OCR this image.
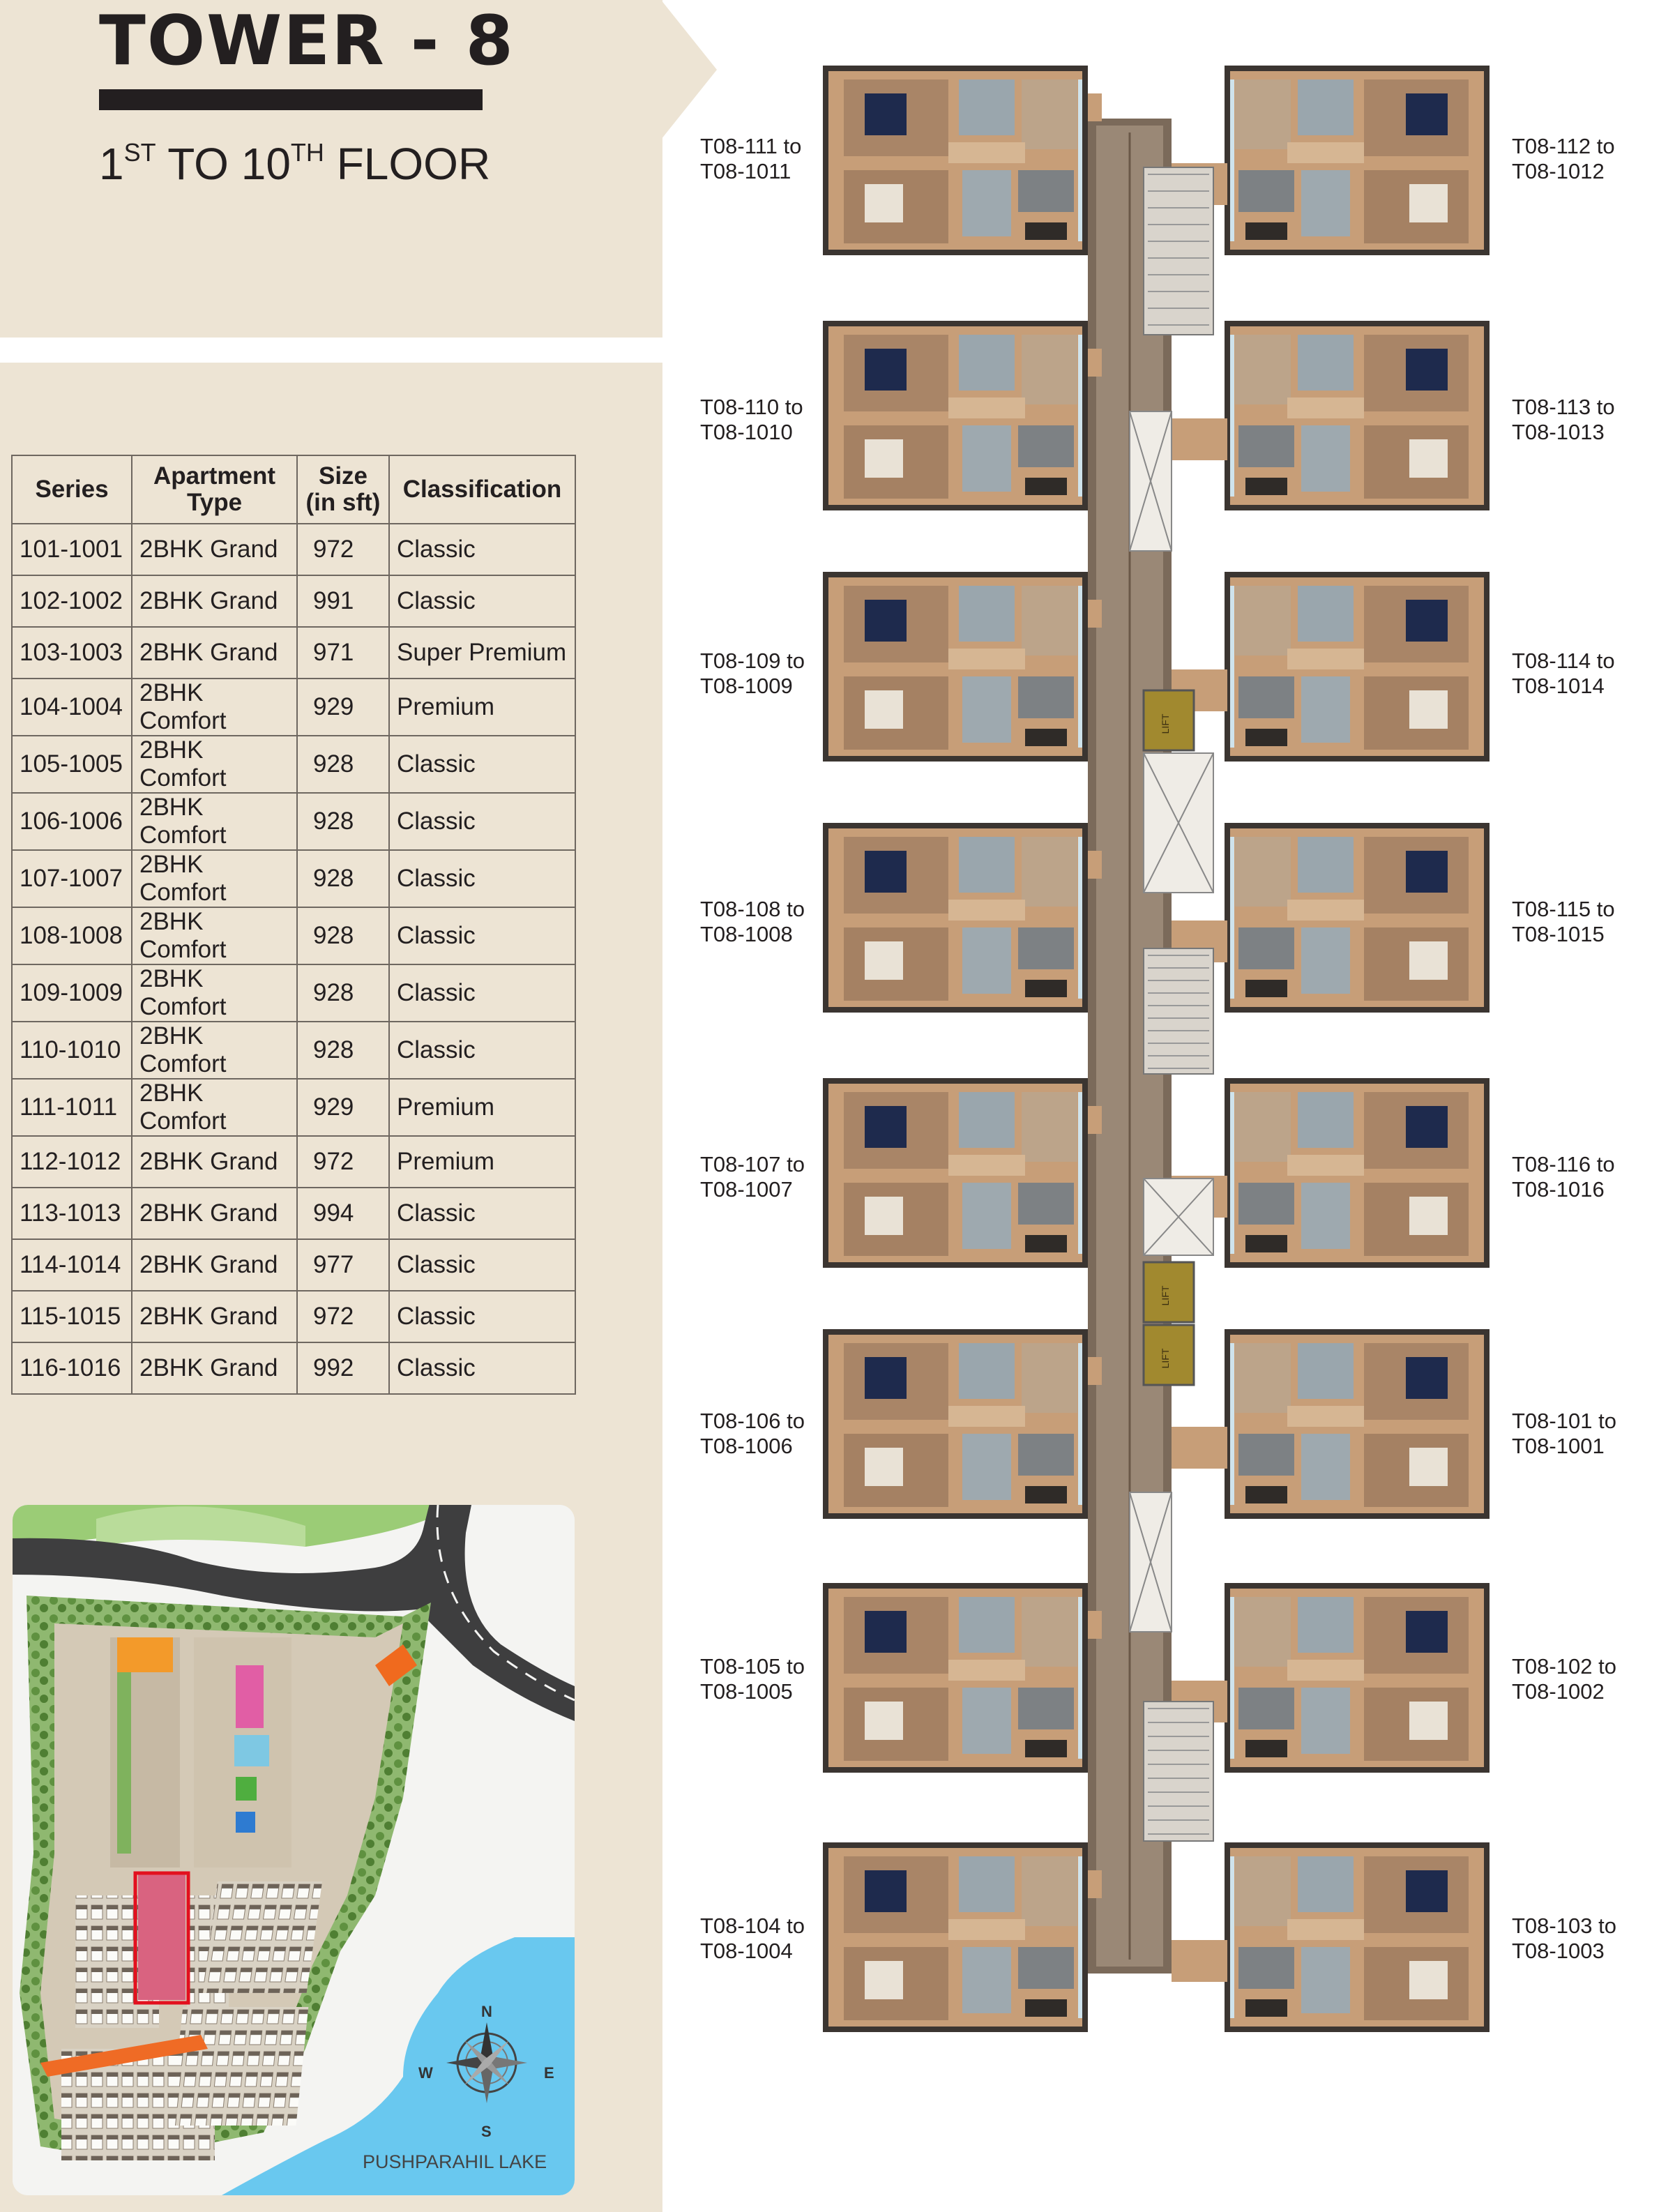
TOWER - 8
1ST TO 10TH FLOOR
Series	Apartment Type	Size (in sft)	Classification
101-1001	2BHK Grand	972	Classic
102-1002	2BHK Grand	991	Classic
103-1003	2BHK Grand	971	Super Premium
104-1004	2BHK Comfort	929	Premium
105-1005	2BHK Comfort	928	Classic
106-1006	2BHK Comfort	928	Classic
107-1007	2BHK Comfort	928	Classic
108-1008	2BHK Comfort	928	Classic
109-1009	2BHK Comfort	928	Classic
110-1010	2BHK Comfort	928	Classic
111-1011	2BHK Comfort	929	Premium
112-1012	2BHK Grand	972	Premium
113-1013	2BHK Grand	994	Classic
114-1014	2BHK Grand	977	Classic
115-1015	2BHK Grand	972	Classic
116-1016	2BHK Grand	992	Classic
N
S
W	E
PUSHPARAHIL LAKE
LIFT
LIFT
LIFT
T08-111 to
T08-1011
T08-110 to
T08-1010
T08-109 to
T08-1009
T08-108 to
T08-1008
T08-107 to
T08-1007
T08-106 to
T08-1006
T08-105 to
T08-1005
T08-104 to
T08-1004
T08-112 to
T08-1012
T08-113 to
T08-1013
T08-114 to
T08-1014
T08-115 to
T08-1015
T08-116 to
T08-1016
T08-101 to
T08-1001
T08-102 to
T08-1002
T08-103 to
T08-1003
